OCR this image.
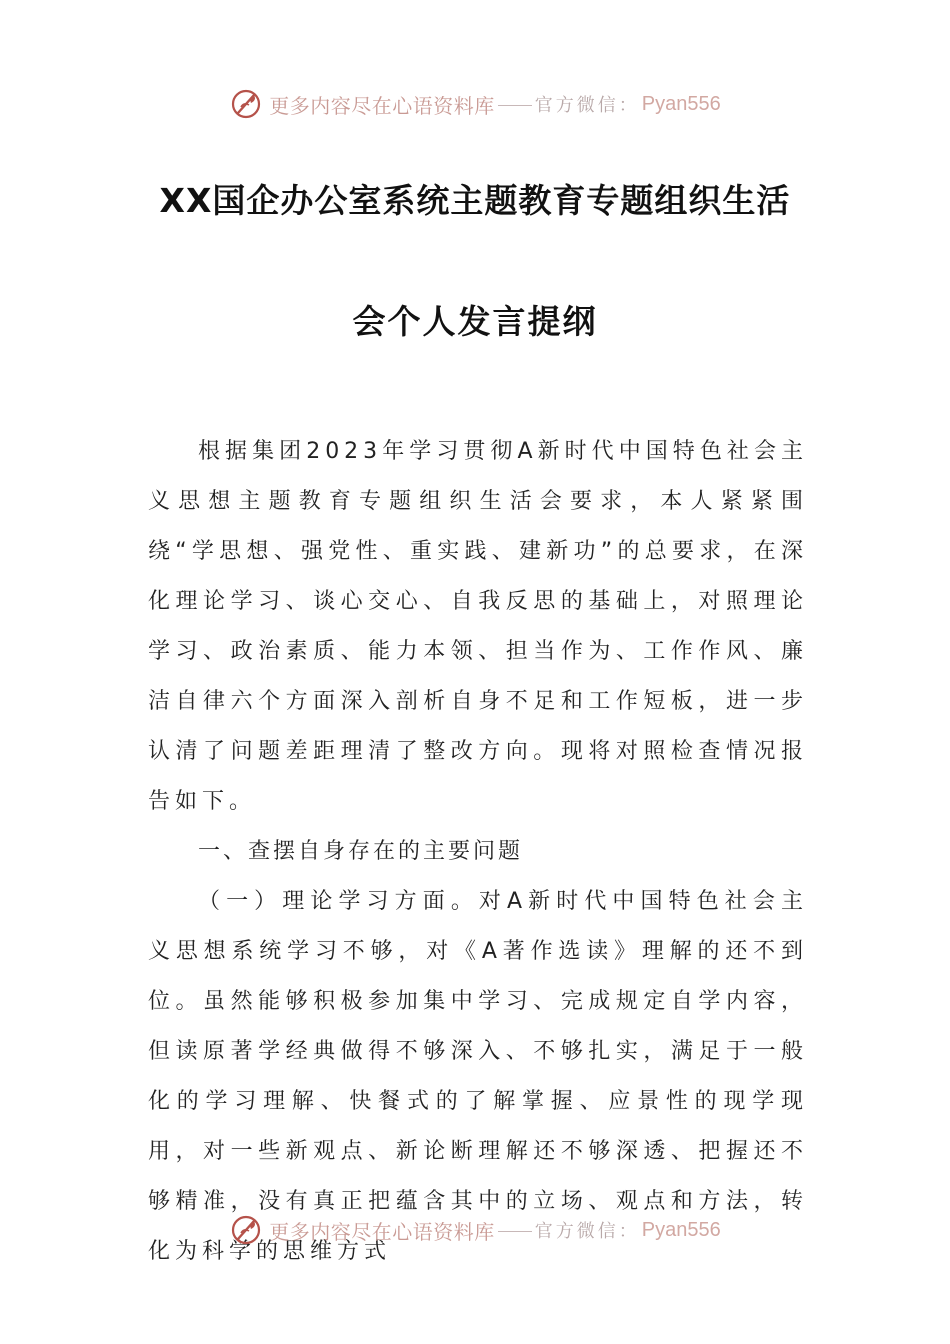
更多内容尽在心语资料库 官方微信： Pyan556
XX国企办公室系统主题教育专题组织生活
会个人发言提纲

根据集团2023年学习贯彻A新时代中国特色社会主义思想主题教育专题组织生活会要求，本人紧紧围绕“学思想、强党性、重实践、建新功”的总要求，在深化理论学习、谈心交心、自我反思的基础上，对照理论学习、政治素质、能力本领、担当作为、工作作风、廉洁自律六个方面深入剖析自身不足和工作短板，进一步认清了问题差距理清了整改方向。现将对照检查情况报告如下。

一、查摆自身存在的主要问题

（一）理论学习方面。对A新时代中国特色社会主义思想系统学习不够，对《A著作选读》理解的还不到位。虽然能够积极参加集中学习、完成规定自学内容，但读原著学经典做得不够深入、不够扎实，满足于一般化的学习理解、快餐式的了解掌握、应景性的现学现用，对一些新观点、新论断理解还不够深透、把握还不够精准，没有真正把蕴含其中的立场、观点和方法，转化为科学的思维方式

更多内容尽在心语资料库 官方微信： Pyan556
